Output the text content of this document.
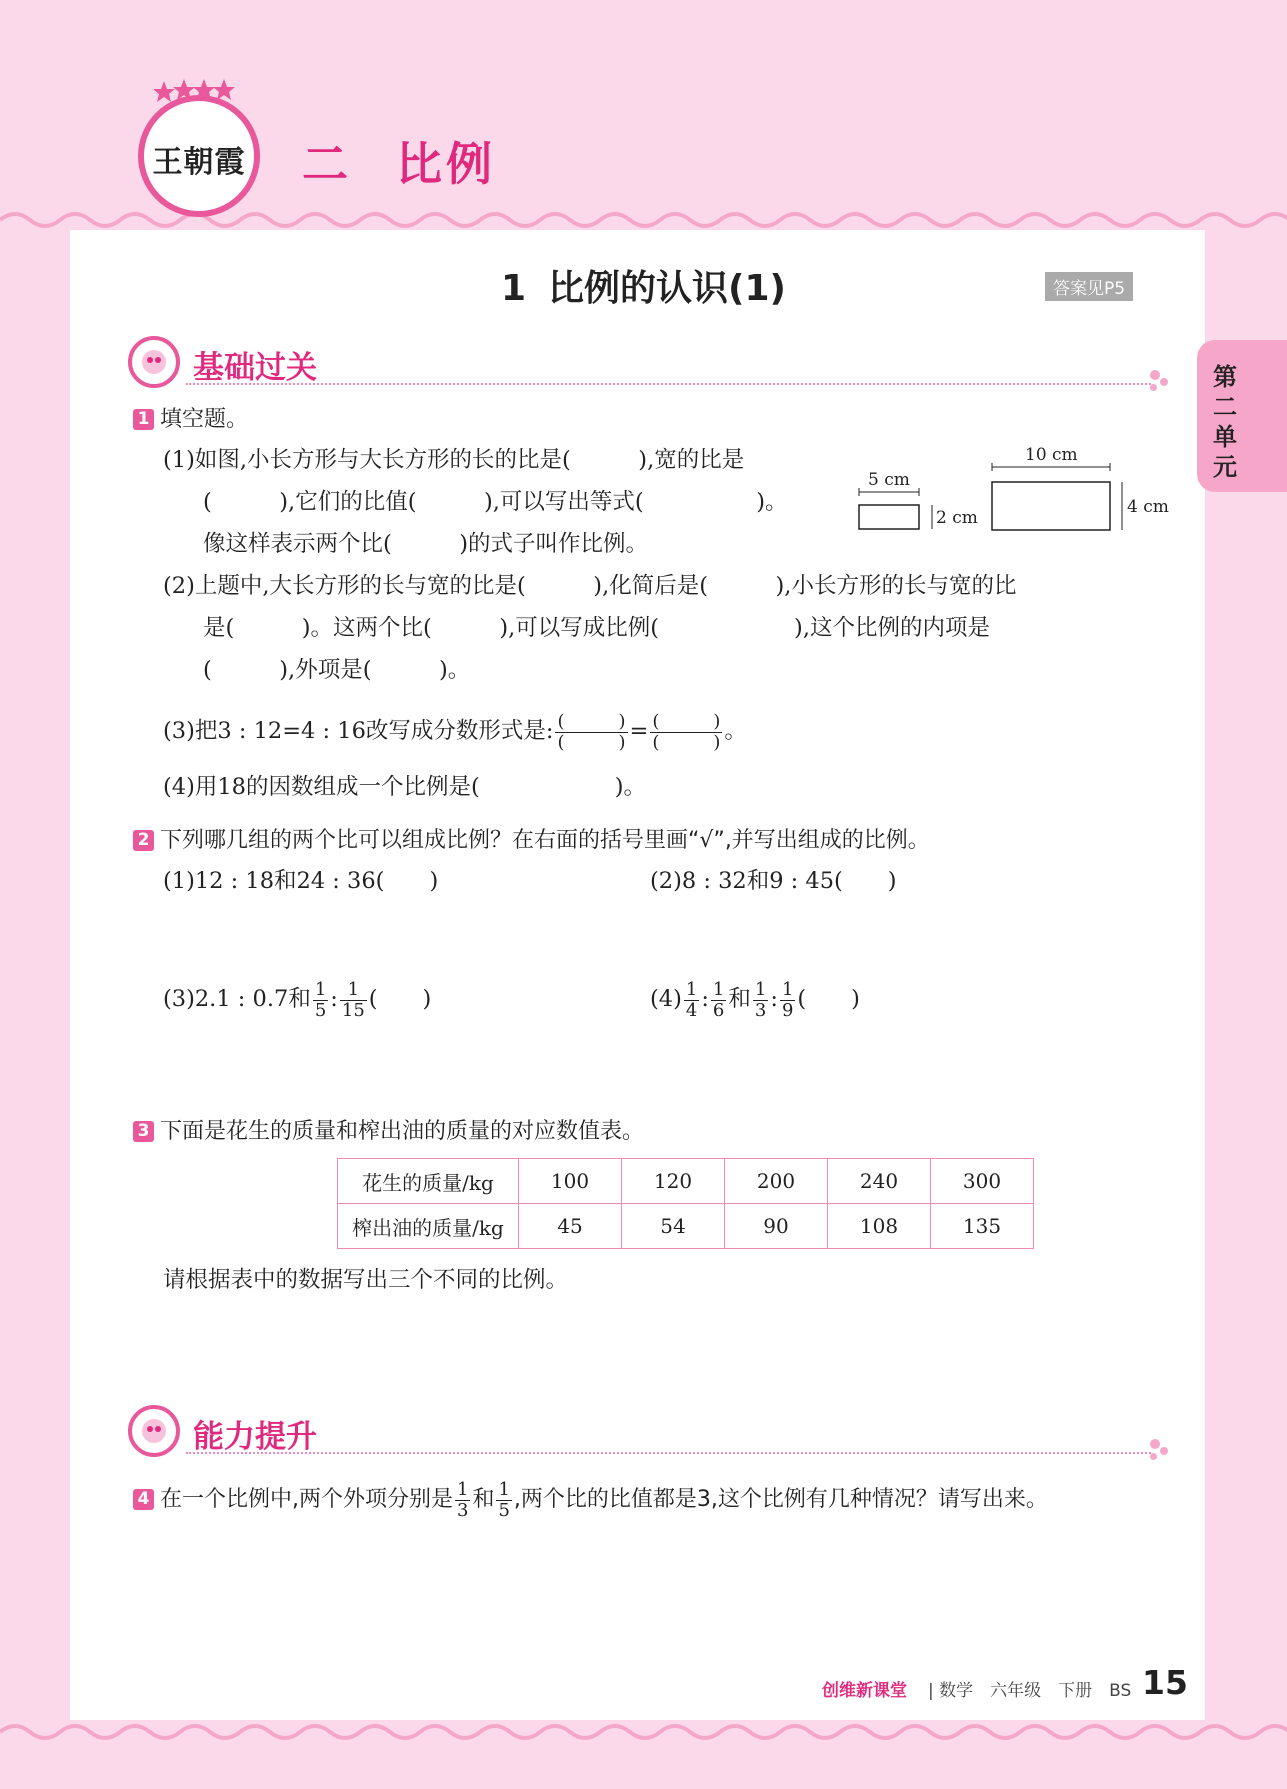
王朝霞 二 比例
1 比例的认识(1)	答案见P5
第二单元
基础过关
1 填空题。
(1)如图,小长方形与大长方形的长的比是(　　　),宽的比是
(　　　),它们的比值(　　　),可以写出等式(　　　　　)。
像这样表示两个比(　　　)的式子叫作比例。
5 cm
2 cm
10 cm
4 cm
(2)上题中,大长方形的长与宽的比是(　　　),化简后是(　　　),小长方形的长与宽的比
是(　　　)。这两个比(　　　),可以写成比例(　　　　　　),这个比例的内项是
(　　　),外项是(　　　)。
(3)把3 : 12=4 : 16改写成分数形式是: $\frac{( )}{( )} = \frac{( )}{( )}$ 。
(4)用18的因数组成一个比例是(　　　　　　)。
2 下列哪几组的两个比可以组成比例？在右面的括号里画“√”,并写出组成的比例。
(1)12 : 18和24 : 36(　　)	(2)8 : 32和9 : 45(　　)
(3)2.1 : 0.7和 $\frac{1}{5}$ : $\frac{1}{15}$ (　　)	$(4) \frac{1}{4}$ : $\frac{1}{6}$ 和 $\frac{1}{3}$ : $\frac{1}{9}$ (　　)
3 下面是花生的质量和榨出油的质量的对应数值表。
花生的质量/kg	100	120	200	240	300
榨出油的质量/kg	45	54	90	108	135
请根据表中的数据写出三个不同的比例。
能力提升
4 在一个比例中,两个外项分别是 $\frac{1}{3}$ 和 $\frac{1}{5}$ ,两个比的比值都是3,这个比例有几种情况？请写出来。
创维新课堂 | 数学　六年级　下册　BS 15
